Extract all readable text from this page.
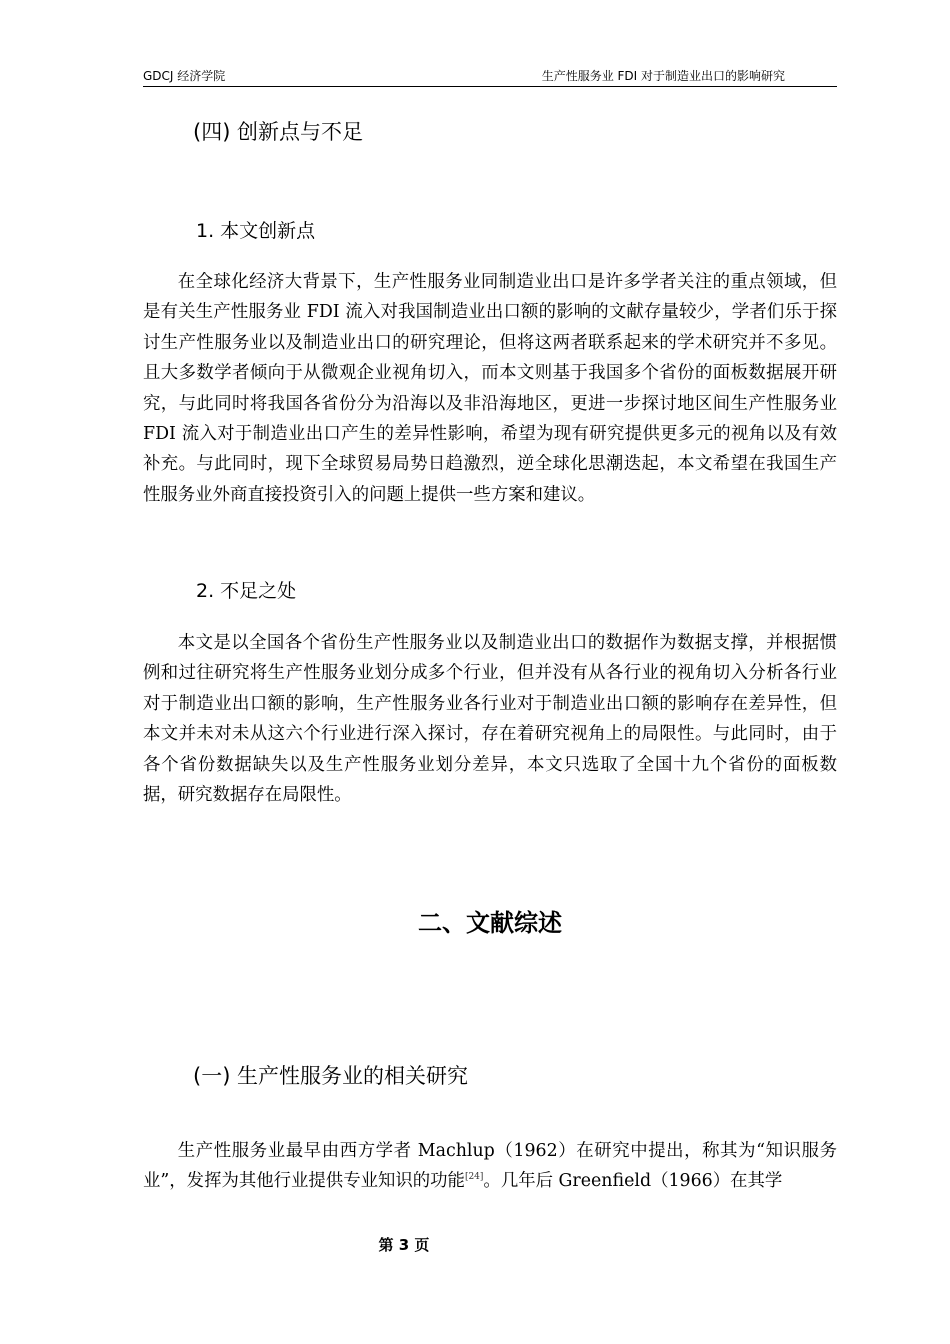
GDCJ 经济学院	生产性服务业 FDI 对于制造业出口的影响研究
(四) 创新点与不足
1. 本文创新点

在全球化经济大背景下，生产性服务业同制造业出口是许多学者关注的重点领域，但是有关生产性服务业 FDI 流入对我国制造业出口额的影响的文献存量较少，学者们乐于探讨生产性服务业以及制造业出口的研究理论，但将这两者联系起来的学术研究并不多见。且大多数学者倾向于从微观企业视角切入，而本文则基于我国多个省份的面板数据展开研究，与此同时将我国各省份分为沿海以及非沿海地区，更进一步探讨地区间生产性服务业 FDI 流入对于制造业出口产生的差异性影响，希望为现有研究提供更多元的视角以及有效补充。与此同时，现下全球贸易局势日趋激烈，逆全球化思潮迭起，本文希望在我国生产性服务业外商直接投资引入的问题上提供一些方案和建议。

2. 不足之处

本文是以全国各个省份生产性服务业以及制造业出口的数据作为数据支撑，并根据惯例和过往研究将生产性服务业划分成多个行业，但并没有从各行业的视角切入分析各行业对于制造业出口额的影响，生产性服务业各行业对于制造业出口额的影响存在差异性，但本文并未对未从这六个行业进行深入探讨，存在着研究视角上的局限性。与此同时，由于各个省份数据缺失以及生产性服务业划分差异，本文只选取了全国十九个省份的面板数据，研究数据存在局限性。

二、文献综述
(一) 生产性服务业的相关研究

生产性服务业最早由西方学者 Machlup（1962）在研究中提出，称其为“知识服务业”，发挥为其他行业提供专业知识的功能[24]。几年后 Greenfield（1966）在其学

第 3 页
